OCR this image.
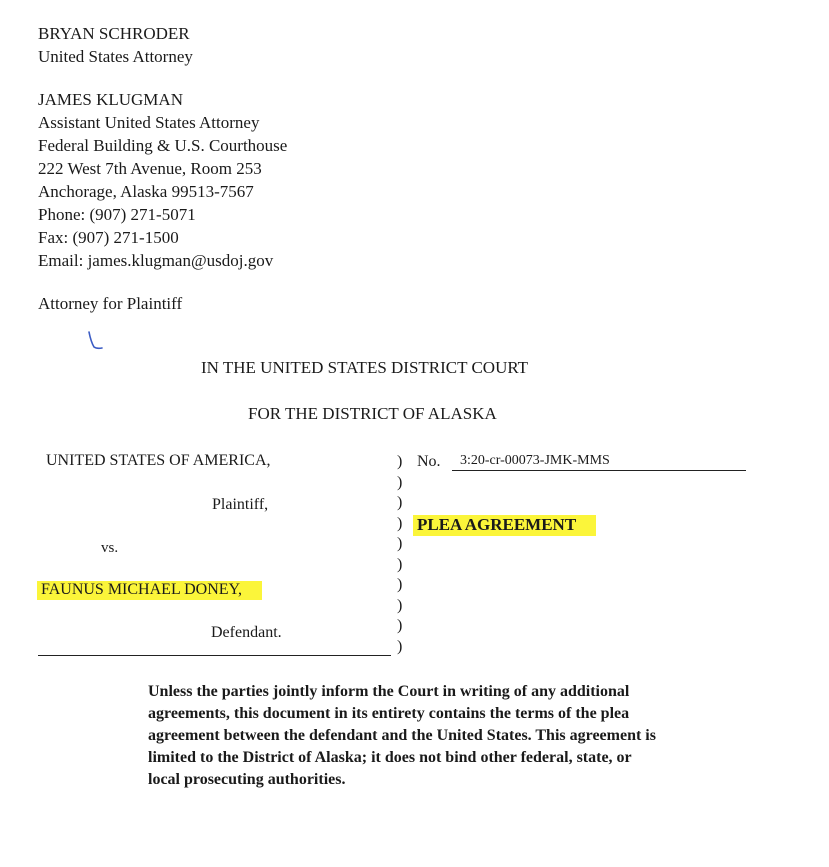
BRYAN SCHRODER
United States Attorney
JAMES KLUGMAN
Assistant United States Attorney
Federal Building & U.S. Courthouse
222 West 7th Avenue, Room 253
Anchorage, Alaska 99513-7567
Phone: (907) 271-5071
Fax: (907) 271-1500
Email: james.klugman@usdoj.gov
Attorney for Plaintiff
IN THE UNITED STATES DISTRICT COURT
FOR THE DISTRICT OF ALASKA
UNITED STATES OF AMERICA,
Plaintiff,
vs.
FAUNUS MICHAEL DONEY,
Defendant.
)
)
)
)
)
)
)
)
)
)
No.	3:20-cr-00073-JMK-MMS
PLEA AGREEMENT
Unless the parties jointly inform the Court in writing of any additional agreements, this document in its entirety contains the terms of the plea agreement between the defendant and the United States. This agreement is limited to the District of Alaska; it does not bind other federal, state, or local prosecuting authorities.
